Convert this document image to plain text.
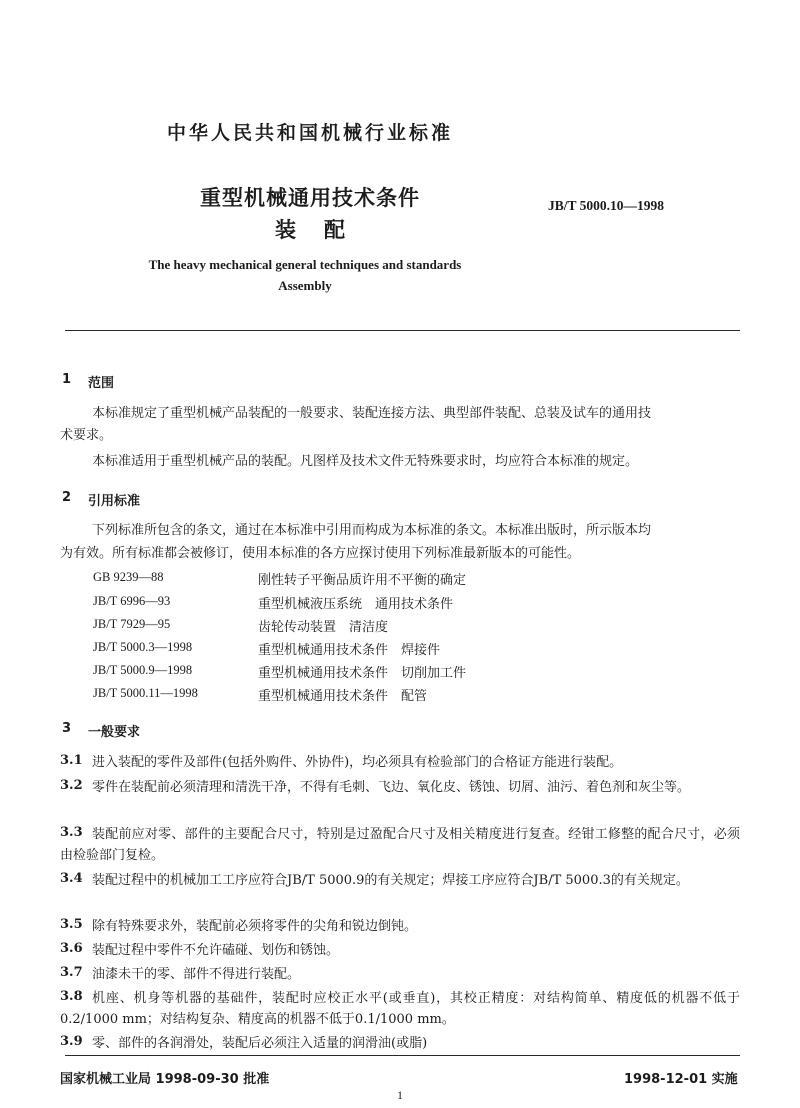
中华人民共和国机械行业标准
重型机械通用技术条件
装配
JB/T 5000.10—1998
The heavy mechanical general techniques and standards
Assembly
1 范围
本标准规定了重型机械产品装配的一般要求、装配连接方法、典型部件装配、总装及试车的通用技
术要求。
本标准适用于重型机械产品的装配。凡图样及技术文件无特殊要求时，均应符合本标准的规定。
2 引用标准
下列标准所包含的条文，通过在本标准中引用而构成为本标准的条文。本标准出版时，所示版本均
为有效。所有标准都会被修订，使用本标准的各方应探讨使用下列标准最新版本的可能性。
GB 9239—88	刚性转子平衡品质许用不平衡的确定
JB/T 6996—93	重型机械液压系统　通用技术条件
JB/T 7929—95	齿轮传动装置　清洁度
JB/T 5000.3—1998	重型机械通用技术条件　焊接件
JB/T 5000.9—1998	重型机械通用技术条件　切削加工件
JB/T 5000.11—1998	重型机械通用技术条件　配管
3 一般要求
3.1 进入装配的零件及部件(包括外购件、外协件)，均必须具有检验部门的合格证方能进行装配。
3.2 零件在装配前必须清理和清洗干净，不得有毛刺、飞边、氧化皮、锈蚀、切屑、油污、着色剂和灰尘等。
3.3 装配前应对零、部件的主要配合尺寸，特别是过盈配合尺寸及相关精度进行复查。经钳工修整的配合尺寸，必须由检验部门复检。
3.4 装配过程中的机械加工工序应符合JB/T 5000.9的有关规定；焊接工序应符合JB/T 5000.3的有关规定。
3.5 除有特殊要求外，装配前必须将零件的尖角和锐边倒钝。
3.6 装配过程中零件不允许磕碰、划伤和锈蚀。
3.7 油漆未干的零、部件不得进行装配。
3.8 机座、机身等机器的基础件，装配时应校正水平(或垂直)，其校正精度：对结构简单、精度低的机器不低于0.2/1000 mm；对结构复杂、精度高的机器不低于0.1/1000 mm。
3.9 零、部件的各润滑处，装配后必须注入适量的润滑油(或脂)
国家机械工业局 1998-09-30 批准	1998-12-01 实施
1
